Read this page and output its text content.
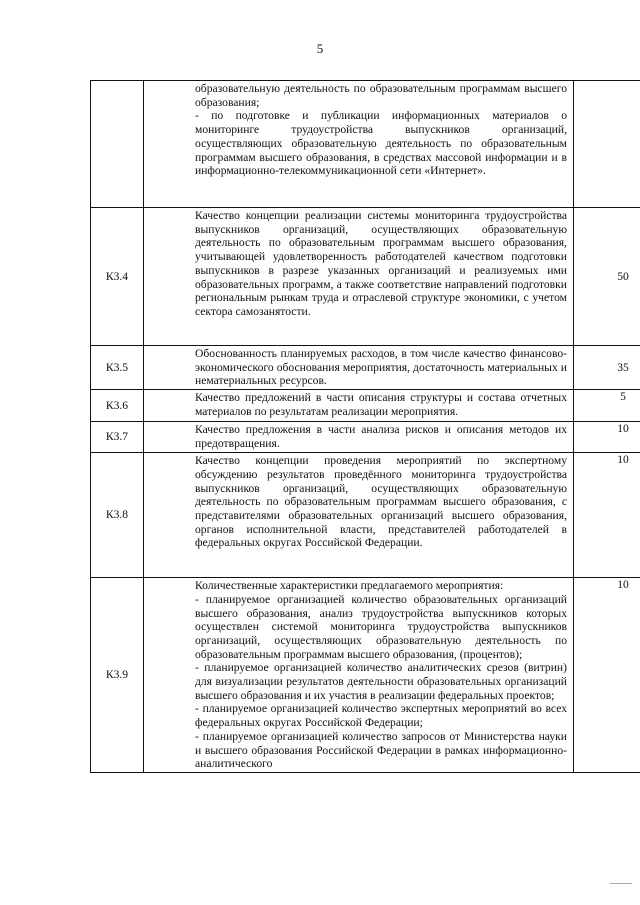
5

	образовательную деятельность по образовательным программам высшего образования;
- по подготовке и публикации информационных материалов о мониторинге трудоустройства выпускников организаций, осуществляющих образовательную деятельность по образовательным программам высшего образования, в средствах массовой информации и в информационно-телекоммуникационной сети «Интернет».	

К3.4	Качество концепции реализации системы мониторинга трудоустройства выпускников организаций, осуществляющих образовательную деятельность по образовательным программам высшего образования, учитывающей удовлетворенность работодателей качеством подготовки выпускников в разрезе указанных организаций и реализуемых ими образовательных программ, а также соответствие направлений подготовки региональным рынкам труда и отраслевой структуре экономики, с учетом сектора самозанятости.	50
К3.5	Обоснованность планируемых расходов, в том числе качество финансово-экономического обоснования мероприятия, достаточность материальных и нематериальных ресурсов.	35
К3.6	Качество предложений в части описания структуры и состава отчетных материалов по результатам реализации мероприятия.	5
К3.7	Качество предложения в части анализа рисков и описания методов их предотвращения.	10
К3.8	Качество концепции проведения мероприятий по экспертному обсуждению результатов проведённого мониторинга трудоустройства выпускников организаций, осуществляющих образовательную деятельность по образовательным программам высшего образования, с представителями образовательных организаций высшего образования, органов исполнительной власти, представителей работодателей в федеральных округах Российской Федерации.	10
К3.9	Количественные характеристики предлагаемого мероприятия:
- планируемое организацией количество образовательных организаций высшего образования, анализ трудоустройства выпускников которых осуществлен системой мониторинга трудоустройства выпускников организаций, осуществляющих образовательную деятельность по образовательным программам высшего образования, (процентов);
- планируемое организацией количество аналитических срезов (витрин) для визуализации результатов деятельности образовательных организаций высшего образования и их участия в реализации федеральных проектов;
- планируемое организацией количество экспертных мероприятий во всех федеральных округах Российской Федерации;
- планируемое организацией количество запросов от Министерства науки и высшего образования Российской Федерации в рамках информационно-аналитического	10
